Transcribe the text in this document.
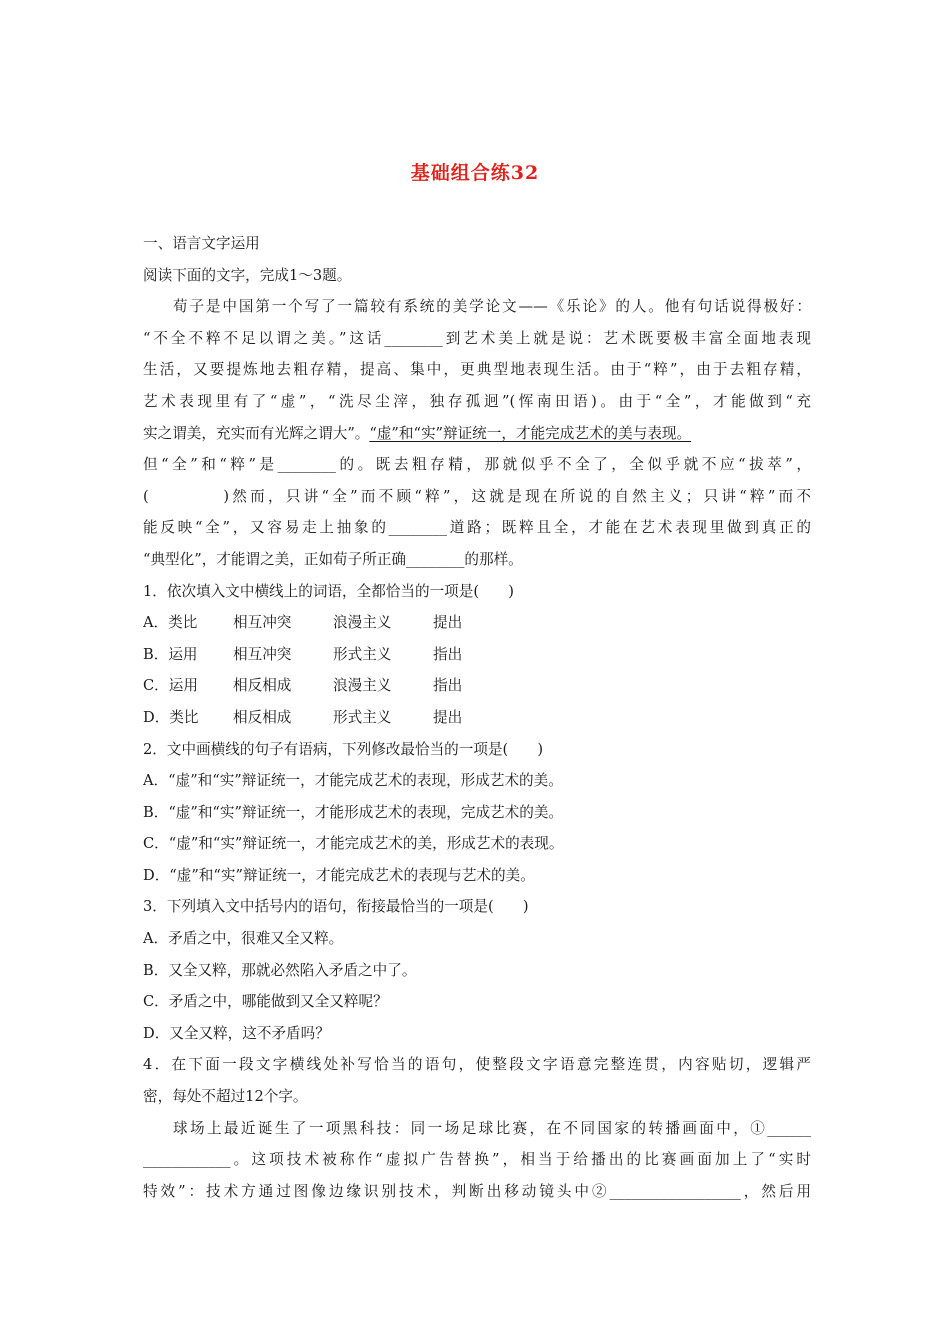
基础组合练32
一、语言文字运用
阅读下面的文字，完成1～3题。
荀子是中国第一个写了一篇较有系统的美学论文——《乐论》的人。他有句话说得极好：
“不全不粹不足以谓之美。”这话________到艺术美上就是说：艺术既要极丰富全面地表现
生活，又要提炼地去粗存精，提高、集中，更典型地表现生活。由于“粹”，由于去粗存精，
艺术表现里有了“虚”，“洗尽尘滓，独存孤迥”(恽南田语)。由于“全”，才能做到“充
实之谓美，充实而有光辉之谓大”。“虚”和“实”辩证统一，才能完成艺术的美与表现。
但“全”和“粹”是________的。既去粗存精，那就似乎不全了，全似乎就不应“拔萃”，
(　　　　)然而，只讲“全”而不顾“粹”，这就是现在所说的自然主义；只讲“粹”而不
能反映“全”，又容易走上抽象的________道路；既粹且全，才能在艺术表现里做到真正的
“典型化”，才能谓之美，正如荀子所正确________的那样。
1．依次填入文中横线上的词语，全都恰当的一项是(　　)
A．类比 相互冲突	浪漫主义	提出
B．运用 相互冲突	形式主义	指出
C．运用 相反相成	浪漫主义	指出
D．类比 相反相成	形式主义	提出
2．文中画横线的句子有语病，下列修改最恰当的一项是(　　)
A．“虚”和“实”辩证统一，才能完成艺术的表现，形成艺术的美。
B．“虚”和“实”辩证统一，才能形成艺术的表现，完成艺术的美。
C．“虚”和“实”辩证统一，才能完成艺术的美，形成艺术的表现。
D．“虚”和“实”辩证统一，才能完成艺术的表现与艺术的美。
3．下列填入文中括号内的语句，衔接最恰当的一项是(　　)
A．矛盾之中，很难又全又粹。
B．又全又粹，那就必然陷入矛盾之中了。
C．矛盾之中，哪能做到又全又粹呢？
D．又全又粹，这不矛盾吗？
4．在下面一段文字横线处补写恰当的语句，使整段文字语意完整连贯，内容贴切，逻辑严
密，每处不超过12个字。
球场上最近诞生了一项黑科技：同一场足球比赛，在不同国家的转播画面中，①______
____________。这项技术被称作“虚拟广告替换”，相当于给播出的比赛画面加上了“实时
特效”：技术方通过图像边缘识别技术，判断出移动镜头中②__________________，然后用
